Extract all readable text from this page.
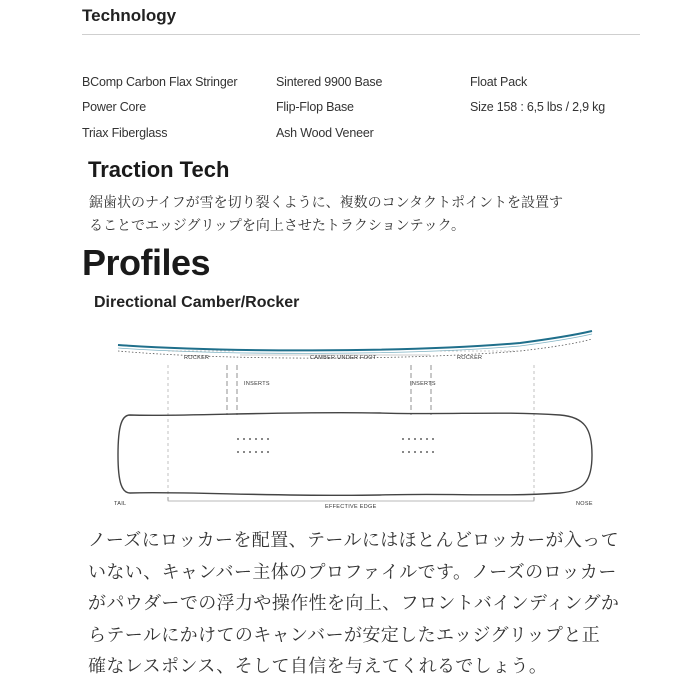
Technology
BComp Carbon Flax Stringer	Sintered 9900 Base	Float Pack
Power Core	Flip-Flop Base	Size 158 : 6,5 lbs / 2,9 kg
Triax Fiberglass	Ash Wood Veneer
Traction Tech
鋸歯状のナイフが雪を切り裂くように、複数のコンタクトポイントを設置す
ることでエッジグリップを向上させたトラクションテック。
Profiles
Directional Camber/Rocker
ROCKER	CAMBER UNDER FOOT	ROCKER
INSERTS	INSERTS
TAIL	EFFECTIVE EDGE	NOSE
ノーズにロッカーを配置、テールにはほとんどロッカーが入って
いない、キャンバー主体のプロファイルです。ノーズのロッカー
がパウダーでの浮力や操作性を向上、フロントバインディングか
らテールにかけてのキャンバーが安定したエッジグリップと正
確なレスポンス、そして自信を与えてくれるでしょう。
